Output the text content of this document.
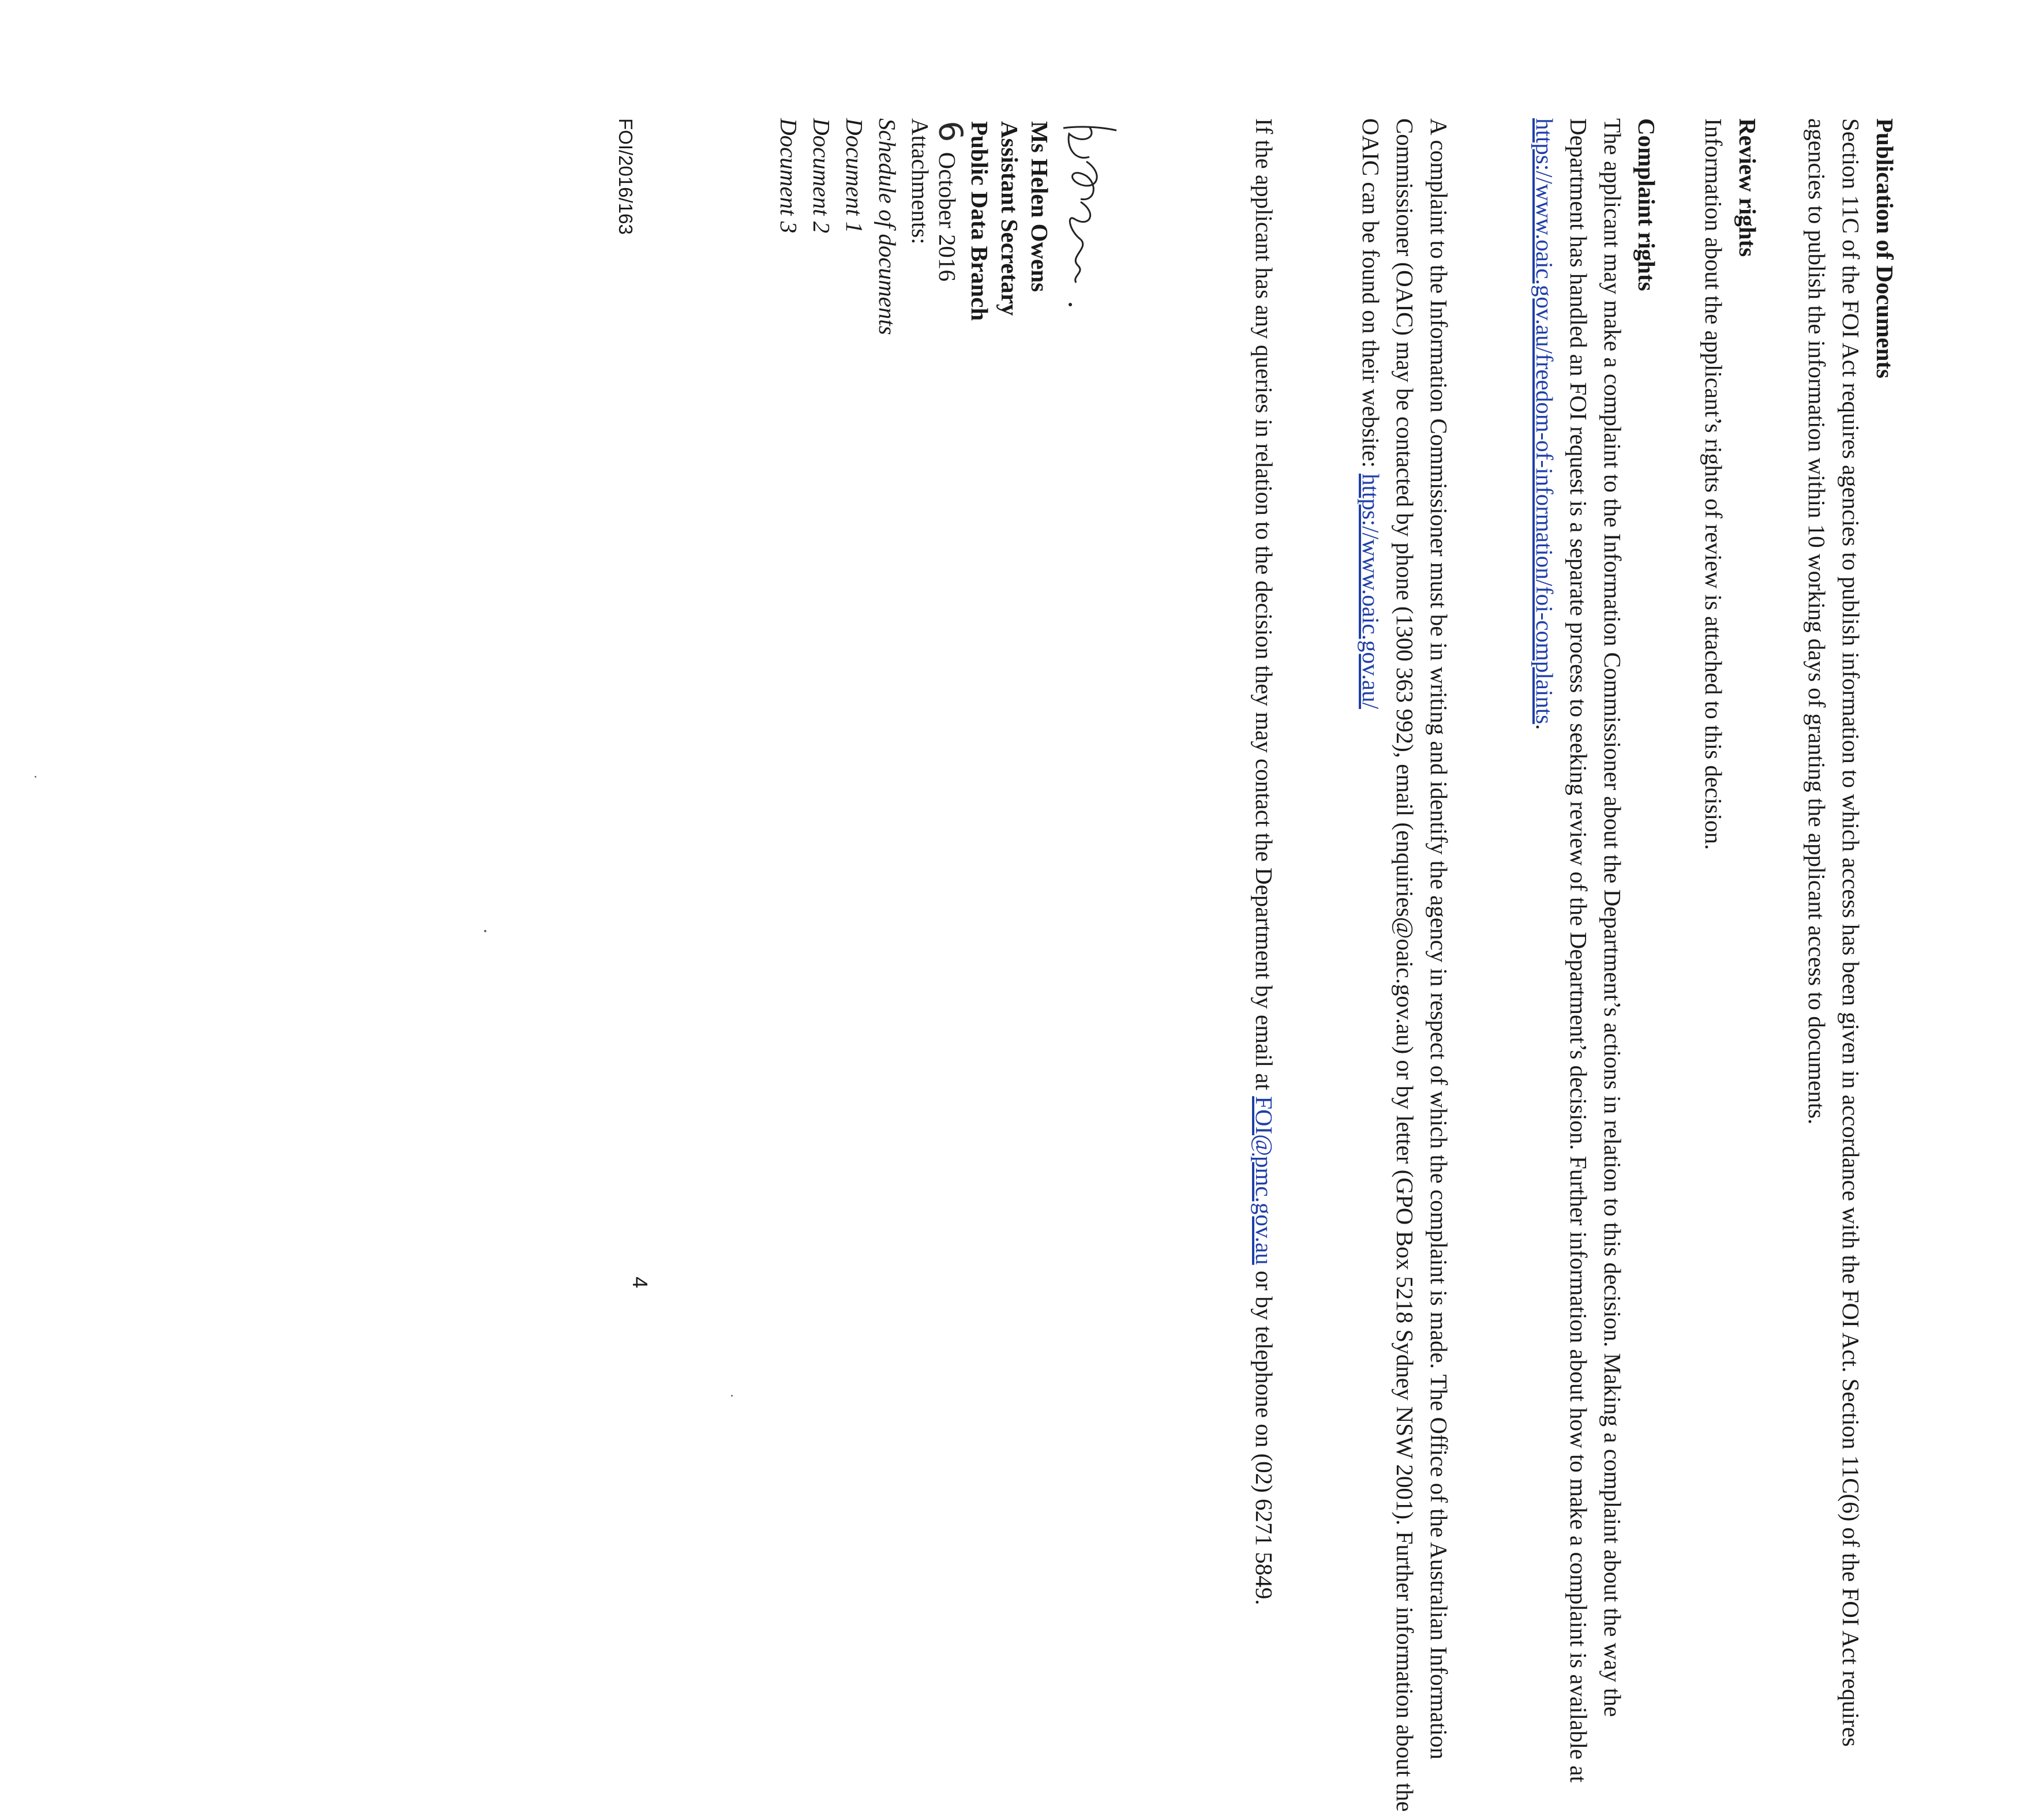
Publication of Documents

Section 11C of the FOI Act requires agencies to publish information to which access has been given in accordance with the FOI Act. Section 11C(6) of the FOI Act requires agencies to publish the information within 10 working days of granting the applicant access to documents.

Review rights

Information about the applicant’s rights of review is attached to this decision.

Complaint rights

The applicant may make a complaint to the Information Commissioner about the Department’s actions in relation to this decision. Making a complaint about the way the Department has handled an FOI request is a separate process to seeking review of the Department’s decision. Further information about how to make a complaint is available at https://www.oaic.gov.au/freedom-of-information/foi-complaints.

A complaint to the Information Commissioner must be in writing and identify the agency in respect of which the complaint is made. The Office of the Australian Information Commissioner (OAIC) may be contacted by phone (1300 363 992), email (enquiries@oaic.gov.au) or by letter (GPO Box 5218 Sydney NSW 2001). Further information about the OAIC can be found on their website: https://www.oaic.gov.au/

If the applicant has any queries in relation to the decision they may contact the Department by email at FOI@pmc.gov.au or by telephone on (02) 6271 5849.

Ms Helen Owens
Assistant Secretary
Public Data Branch
6October 2016
Attachments:
Schedule of documents
Document 1
Document 2
Document 3
FOI/2016/163
4
